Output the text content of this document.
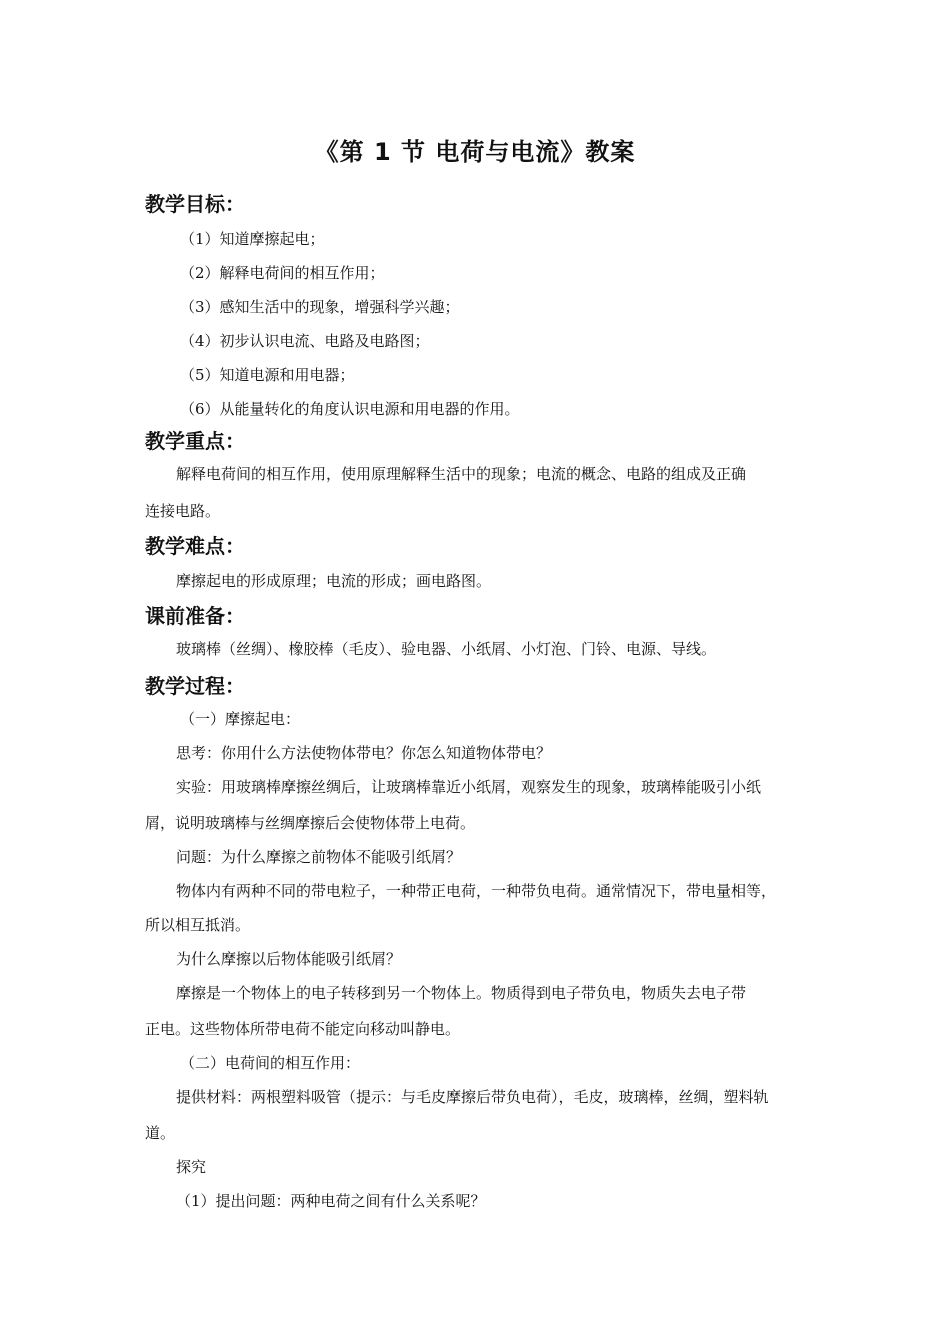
《第 1 节 电荷与电流》教案
教学目标：
（1）知道摩擦起电；
（2）解释电荷间的相互作用；
（3）感知生活中的现象，增强科学兴趣；
（4）初步认识电流、电路及电路图；
（5）知道电源和用电器；
（6）从能量转化的角度认识电源和用电器的作用。
教学重点：
解释电荷间的相互作用，使用原理解释生活中的现象；电流的概念、电路的组成及正确
连接电路。
教学难点：
摩擦起电的形成原理；电流的形成；画电路图。
课前准备：
玻璃棒（丝绸）、橡胶棒（毛皮）、验电器、小纸屑、小灯泡、门铃、电源、导线。
教学过程：
（一）摩擦起电：
思考：你用什么方法使物体带电？你怎么知道物体带电？
实验：用玻璃棒摩擦丝绸后，让玻璃棒靠近小纸屑，观察发生的现象，玻璃棒能吸引小纸
屑，说明玻璃棒与丝绸摩擦后会使物体带上电荷。
问题：为什么摩擦之前物体不能吸引纸屑？
物体内有两种不同的带电粒子，一种带正电荷，一种带负电荷。通常情况下，带电量相等，
所以相互抵消。
为什么摩擦以后物体能吸引纸屑？
摩擦是一个物体上的电子转移到另一个物体上。物质得到电子带负电，物质失去电子带
正电。这些物体所带电荷不能定向移动叫静电。
（二）电荷间的相互作用：
提供材料：两根塑料吸管（提示：与毛皮摩擦后带负电荷），毛皮，玻璃棒，丝绸，塑料轨
道。
探究
（1）提出问题：两种电荷之间有什么关系呢？
